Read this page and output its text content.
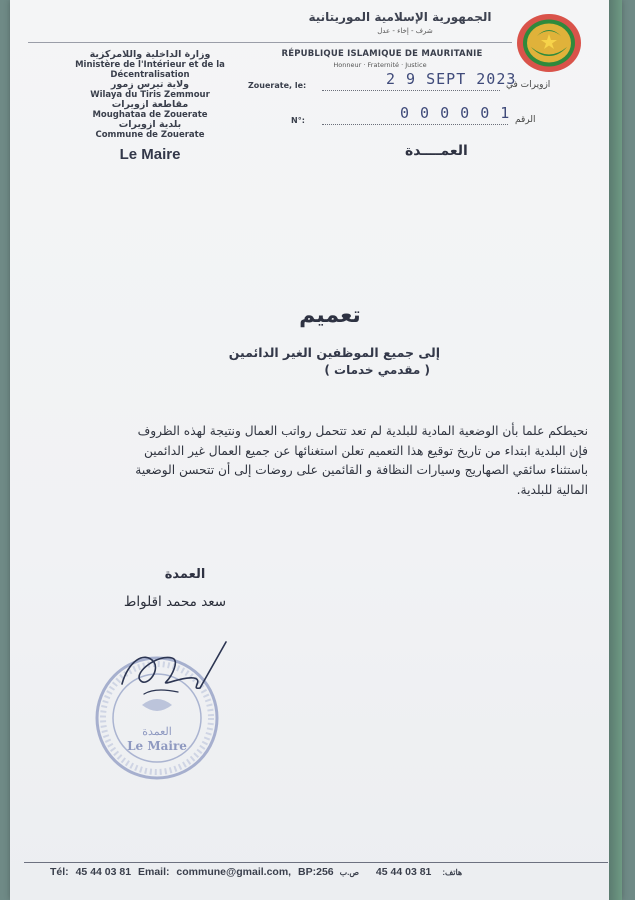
الجمهورية الإسلامية الموريتانية
شرف - إخاء - عدل
RÉPUBLIQUE ISLAMIQUE DE MAURITANIE
Honneur · Fraternité · Justice
وزارة الداخلية واللامركزية
Ministère de l'Intérieur et de la
Décentralisation
ولاية تيرس زمور
Wilaya du Tiris Zemmour
مقاطعة ازويرات
Moughataa de Zouerate
بلدية ازويرات
Commune de Zouerate
Le Maire
Zouerate, le:	2 9 SEPT 2023
ازويرات في
N°:	0 0 0 0 0 1 الرقم
العمــــدة
تعميم
إلى جميع الموظفين الغير الدائمين
( مقدمي خدمات )
نحيطكم علما بأن الوضعية المادية للبلدية لم تعد تتحمل رواتب العمال ونتيجة لهذه الظروف
فإن البلدية ابتداء من تاريخ توقيع هذا التعميم تعلن استغنائها عن جميع العمال غير الدائمين
باستثناء سائقي الصهاريج وسيارات النظافة و القائمين على روضات إلى أن تتحسن الوضعية
المالية للبلدية.
العمدة
سعد محمد اقلواط
العمدة
Le Maire
Tél: 45 44 03 81 Email: commune@gmail.com, BP:256 ص.ب 45 44 03 81 هاتف:
